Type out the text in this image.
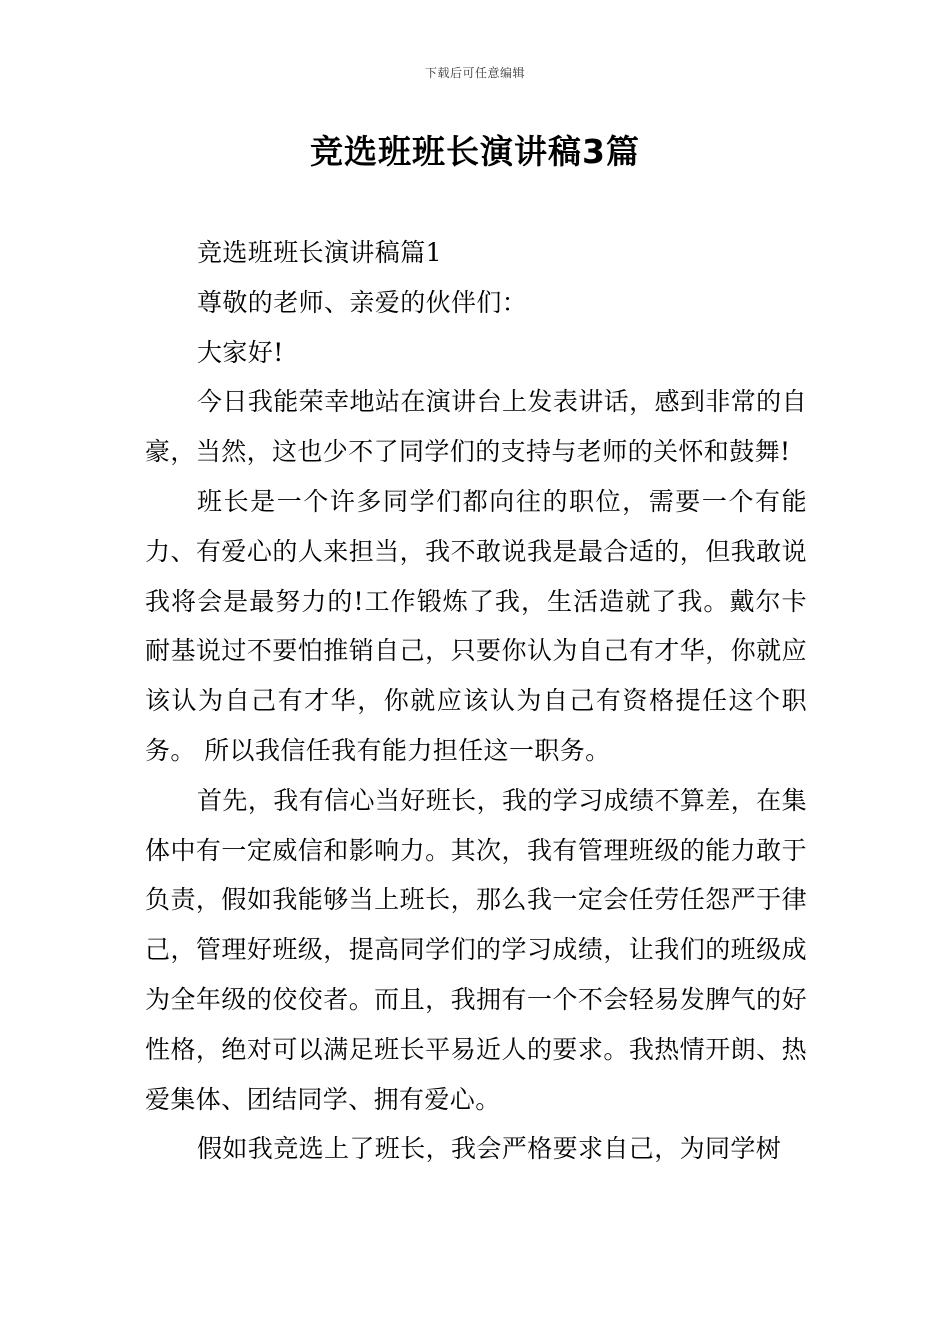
下载后可任意编辑
竞选班班长演讲稿3篇

竞选班班长演讲稿篇1

尊敬的老师、亲爱的伙伴们：

大家好!

今日我能荣幸地站在演讲台上发表讲话，感到非常的自豪，当然，这也少不了同学们的支持与老师的关怀和鼓舞!

班长是一个许多同学们都向往的职位，需要一个有能力、有爱心的人来担当，我不敢说我是最合适的，但我敢说我将会是最努力的!工作锻炼了我，生活造就了我。戴尔卡耐基说过不要怕推销自己，只要你认为自己有才华，你就应该认为自己有才华，你就应该认为自己有资格提任这个职务。 所以我信任我有能力担任这一职务。

首先，我有信心当好班长，我的学习成绩不算差，在集体中有一定威信和影响力。其次，我有管理班级的能力敢于负责，假如我能够当上班长，那么我一定会任劳任怨严于律己，管理好班级，提高同学们的学习成绩，让我们的班级成为全年级的佼佼者。而且，我拥有一个不会轻易发脾气的好性格，绝对可以满足班长平易近人的要求。我热情开朗、热爱集体、团结同学、拥有爱心。

假如我竞选上了班长，我会严格要求自己，为同学树
